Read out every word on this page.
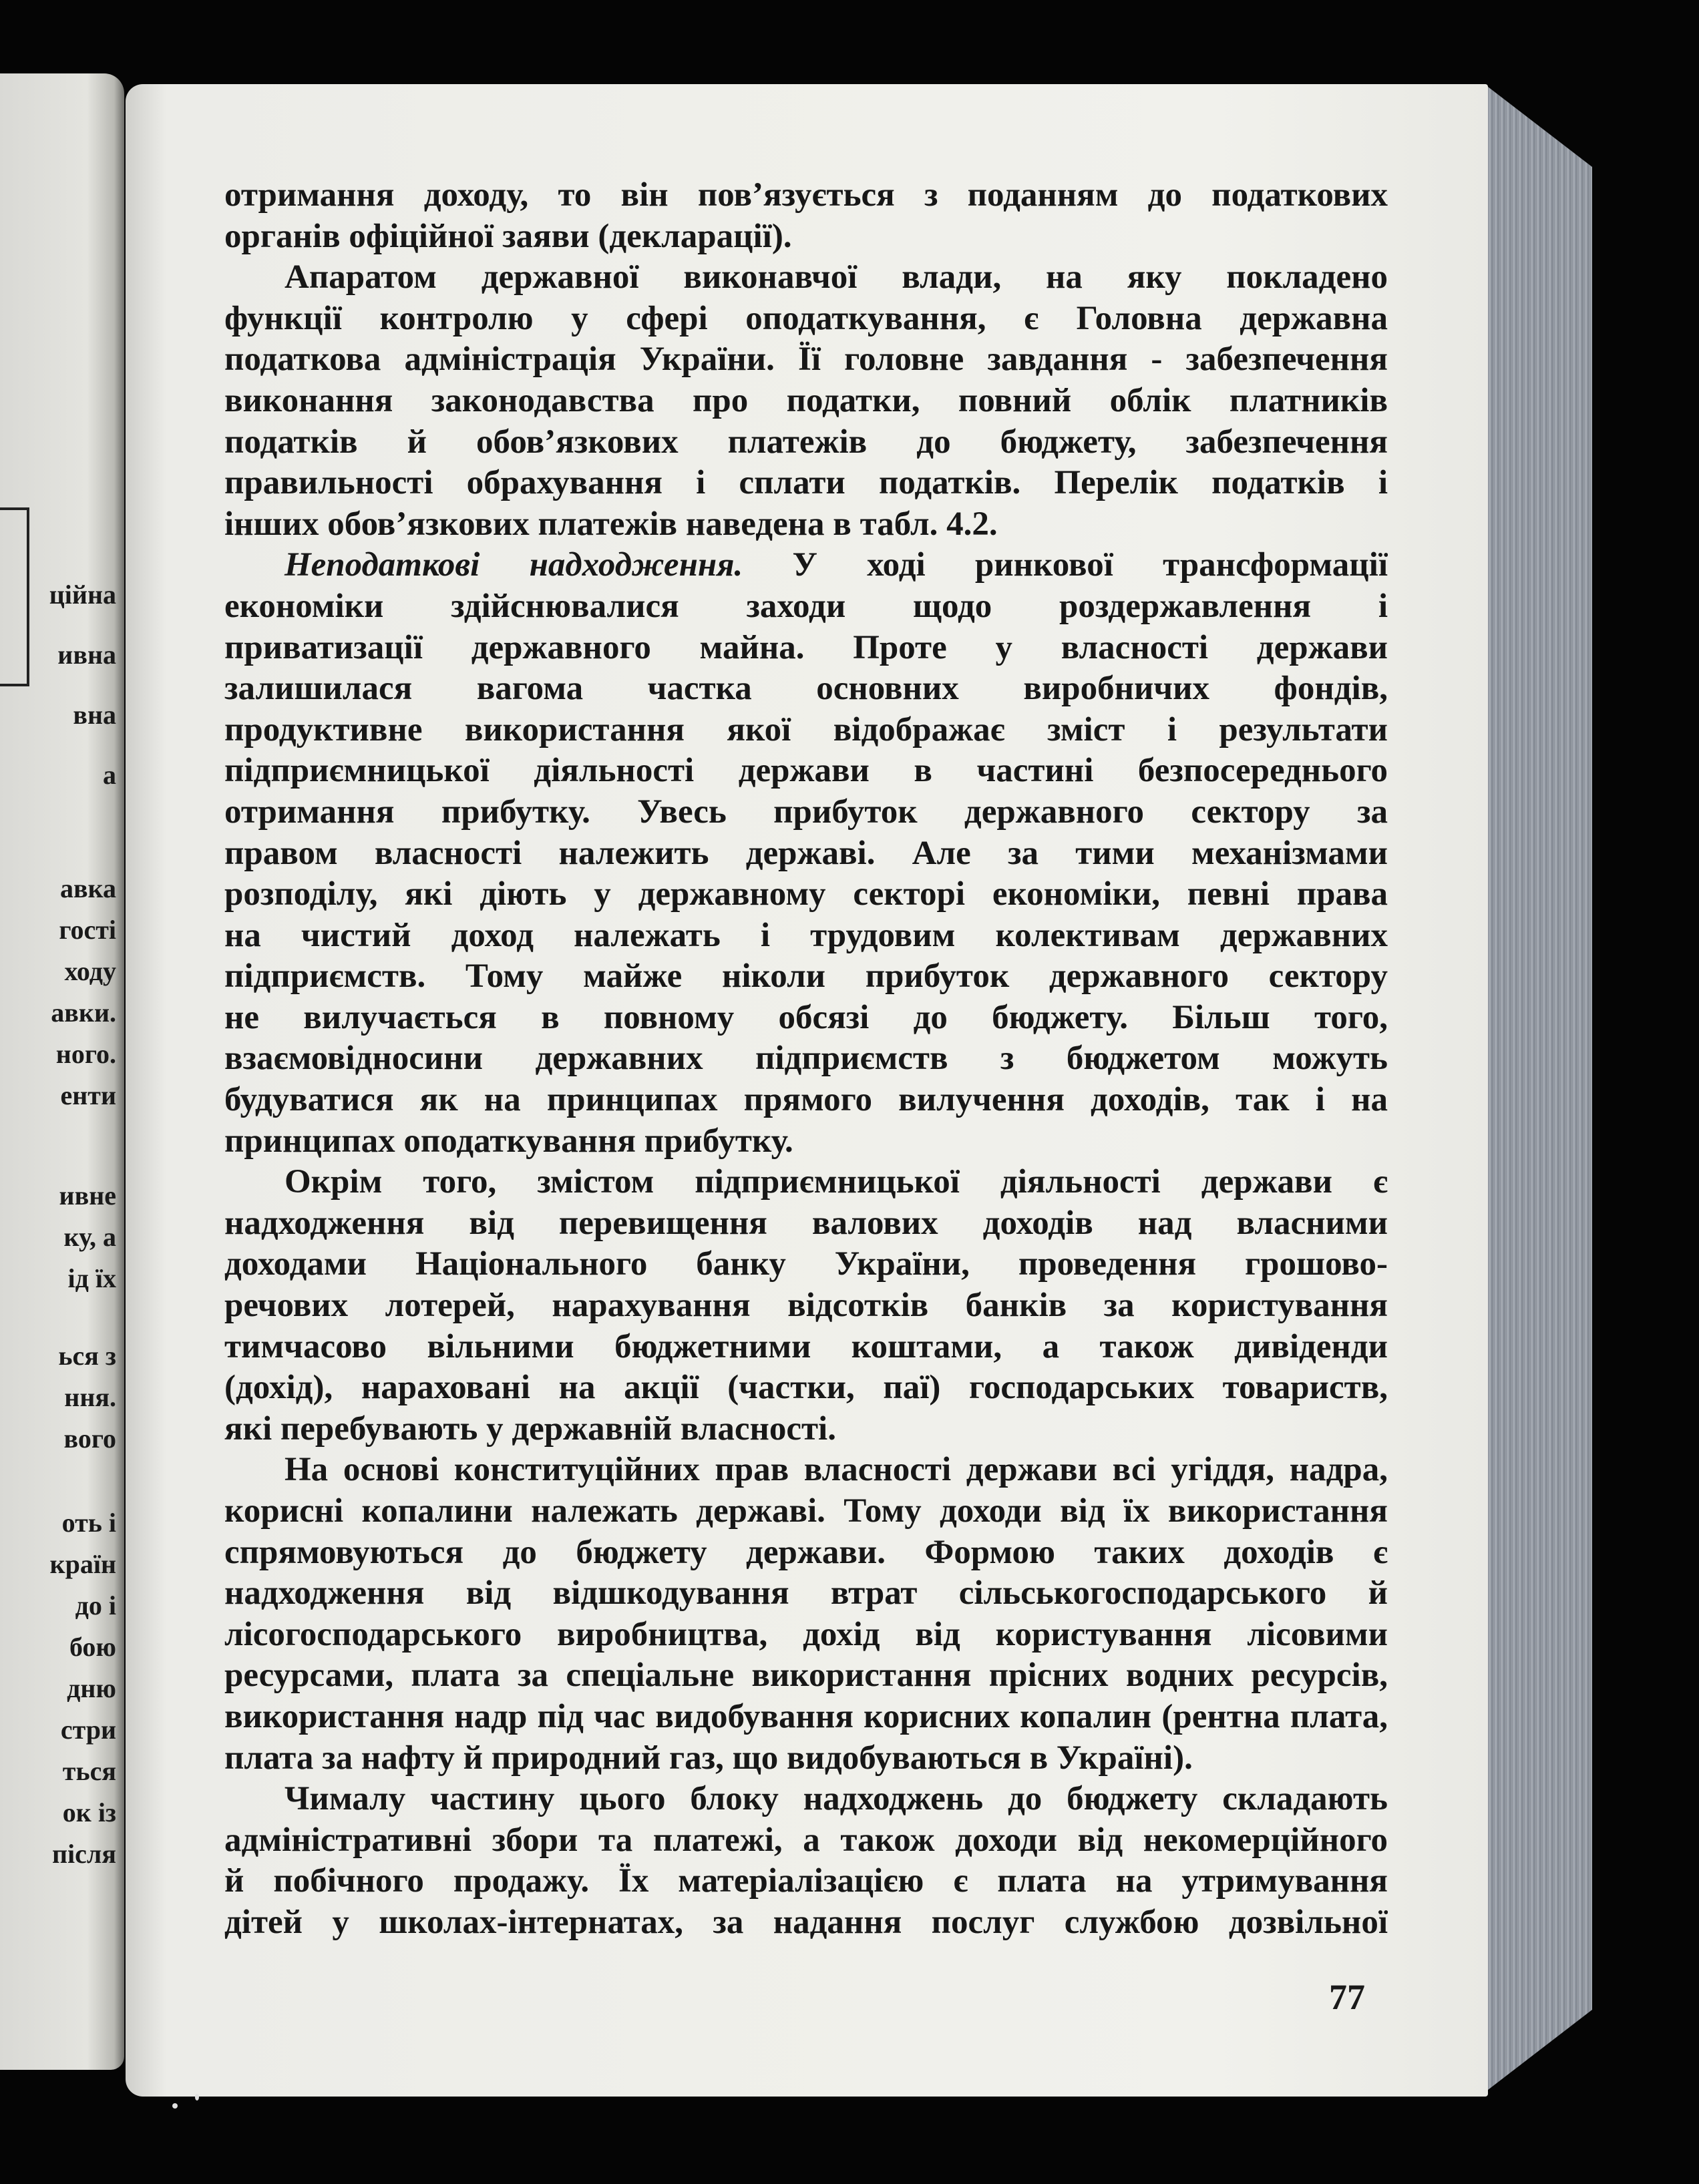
ційна
ивна
вна
а
авка
гості
ходу
авки.
ного.
енти
ивне
ку, а
ід їх
ься з
ння.
вого
оть і
країн
до і
бою
дню
стри
ться
ок із
після
отримання доходу, то він пов’язується з поданням до податкових
органів офіційної заяви (декларації).
Апаратом державної виконавчої влади, на яку покладено
функції контролю у сфері оподаткування, є Головна державна
податкова адміністрація України. Її головне завдання - забезпечення
виконання законодавства про податки, повний облік платників
податків й обов’язкових платежів до бюджету, забезпечення
правильності обрахування і сплати податків. Перелік податків і
інших обов’язкових платежів наведена в табл. 4.2.
Неподаткові надходження. У ході ринкової трансформації
економіки здійснювалися заходи щодо роздержавлення і
приватизації державного майна. Проте у власності держави
залишилася вагома частка основних виробничих фондів,
продуктивне використання якої відображає зміст і результати
підприємницької діяльності держави в частині безпосереднього
отримання прибутку. Увесь прибуток державного сектору за
правом власності належить державі. Але за тими механізмами
розподілу, які діють у державному секторі економіки, певні права
на чистий доход належать і трудовим колективам державних
підприємств. Тому майже ніколи прибуток державного сектору
не вилучається в повному обсязі до бюджету. Більш того,
взаємовідносини державних підприємств з бюджетом можуть
будуватися як на принципах прямого вилучення доходів, так і на
принципах оподаткування прибутку.
Окрім того, змістом підприємницької діяльності держави є
надходження від перевищення валових доходів над власними
доходами Національного банку України, проведення грошово-
речових лотерей, нарахування відсотків банків за користування
тимчасово вільними бюджетними коштами, а також дивіденди
(дохід), нараховані на акції (частки, паї) господарських товариств,
які перебувають у державній власності.
На основі конституційних прав власності держави всі угіддя, надра,
корисні копалини належать державі. Тому доходи від їх використання
спрямовуються до бюджету держави. Формою таких доходів є
надходження від відшкодування втрат сільськогосподарського й
лісогосподарського виробництва, дохід від користування лісовими
ресурсами, плата за спеціальне використання прісних водних ресурсів,
використання надр під час видобування корисних копалин (рентна плата,
плата за нафту й природний газ, що видобуваються в Україні).
Чималу частину цього блоку надходжень до бюджету складають
адміністративні збори та платежі, а також доходи від некомерційного
й побічного продажу. Їх матеріалізацією є плата на утримування
дітей у школах-інтернатах, за надання послуг службою дозвільної
77
